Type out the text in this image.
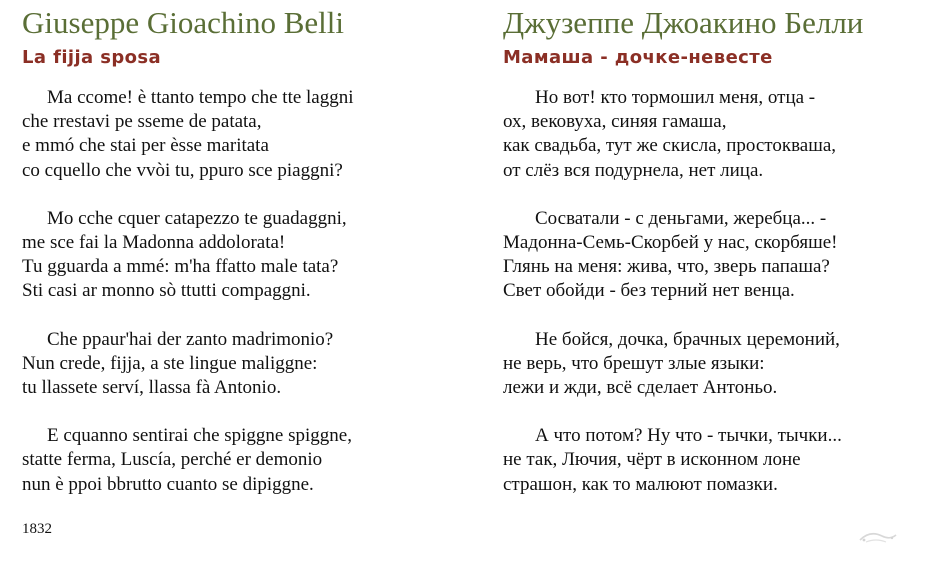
Giuseppe Gioachino Belli
La fijja sposa
Ma ccome! è ttanto tempo che tte laggni
che rrestavi pe sseme de patata,
e mmó che stai per èsse maritata
co cquello che vvòi tu, ppuro sce piaggni?
Mo cche cquer catapezzo te guadaggni,
me sce fai la Madonna addolorata!
Tu gguarda a mmé: m'ha ffatto male tata?
Sti casi ar monno sò ttutti compaggni.
Che ppaur'hai der zanto madrimonio?
Nun crede, fijja, a ste lingue maliggne:
tu llassete serví, llassa fà Antonio.
E cquanno sentirai che spiggne spiggne,
statte ferma, Luscía, perché er demonio
nun è ppoi bbrutto cuanto se dipiggne.
1832
Джузеппе Джоакино Белли
Мамаша - дочке-невесте
Но вот! кто тормошил меня, отца -
ох, вековуха, синяя гамаша,
как свадьба, тут же скисла, простокваша,
от слёз вся подурнела, нет лица.
Сосватали - с деньгами, жеребца... -
Мадонна-Семь-Скорбей у нас, скорбяше!
Глянь на меня: жива, что, зверь папаша?
Свет обойди - без терний нет венца.
Не бойся, дочка, брачных церемоний,
не верь, что брешут злые языки:
лежи и жди, всё сделает Антоньо.
А что потом? Ну что - тычки, тычки...
не так, Лючия, чёрт в исконном лоне
страшон, как то малюют помазки.
